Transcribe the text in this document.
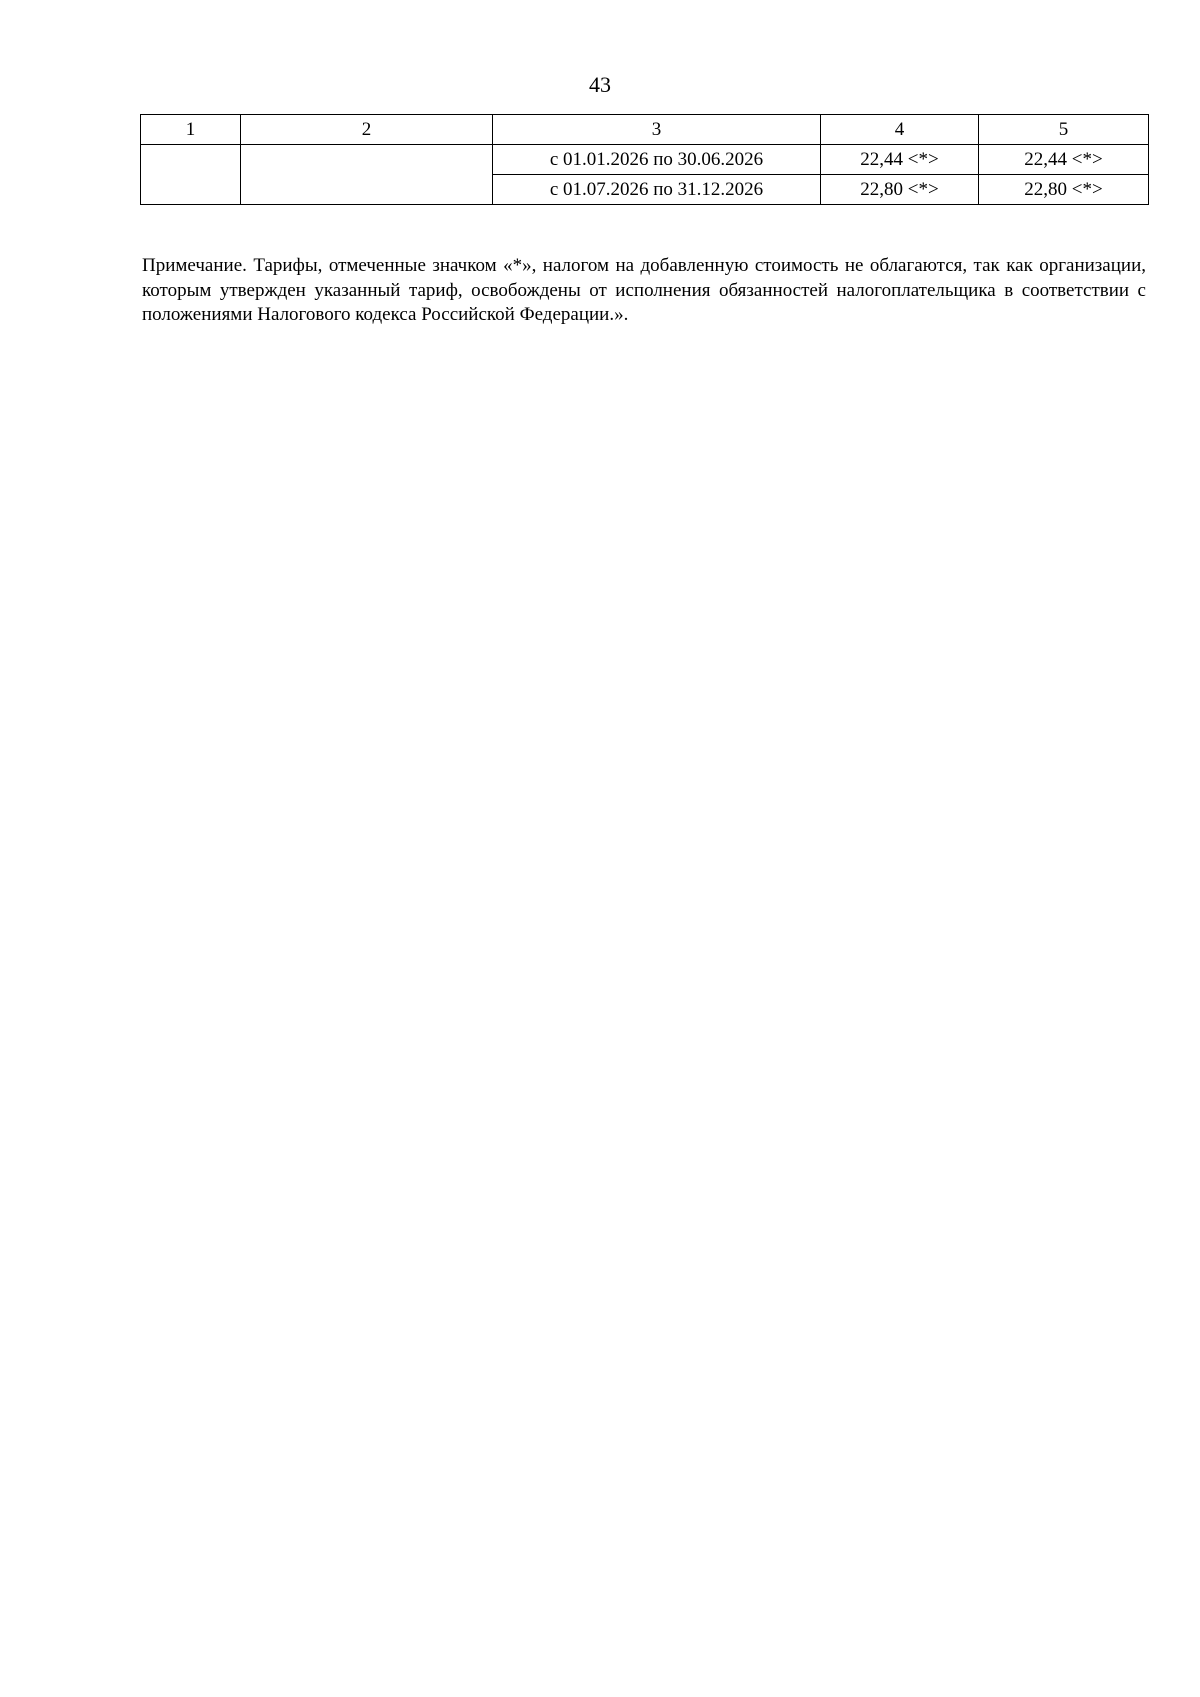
43
1	2	3	4	5
		с 01.01.2026 по 30.06.2026	22,44 <*>	22,44 <*>
		с 01.07.2026 по 31.12.2026	22,80 <*>	22,80 <*>

Примечание. Тарифы, отмеченные значком «*», налогом на добавленную стоимость не облагаются, так как организации, которым утвержден указанный тариф, освобождены от исполнения обязанностей налогоплательщика в соответствии с положениями Налогового кодекса Российской Федерации.».
